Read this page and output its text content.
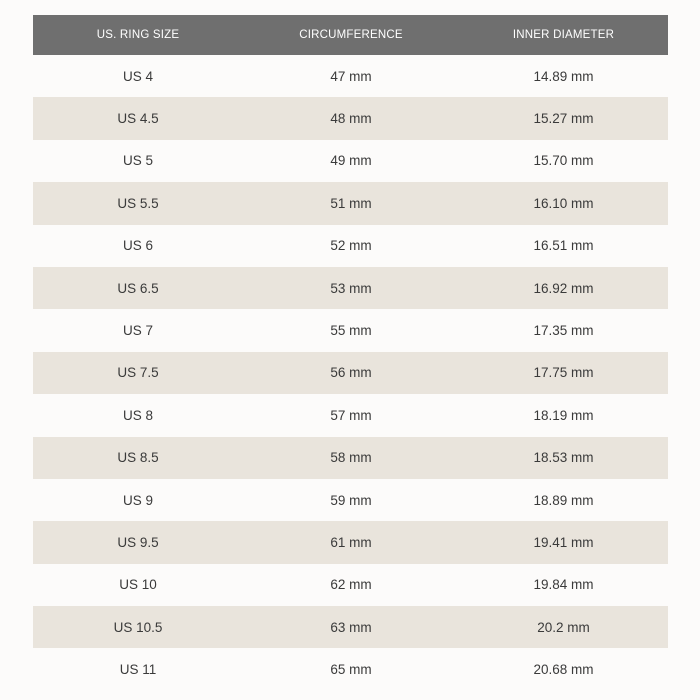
US. RING SIZE	CIRCUMFERENCE	INNER DIAMETER
US 4	47 mm	14.89 mm
US 4.5	48 mm	15.27 mm
US 5	49 mm	15.70 mm
US 5.5	51 mm	16.10 mm
US 6	52 mm	16.51 mm
US 6.5	53 mm	16.92 mm
US 7	55 mm	17.35 mm
US 7.5	56 mm	17.75 mm
US 8	57 mm	18.19 mm
US 8.5	58 mm	18.53 mm
US 9	59 mm	18.89 mm
US 9.5	61 mm	19.41 mm
US 10	62 mm	19.84 mm
US 10.5	63 mm	20.2 mm
US 11	65 mm	20.68 mm
